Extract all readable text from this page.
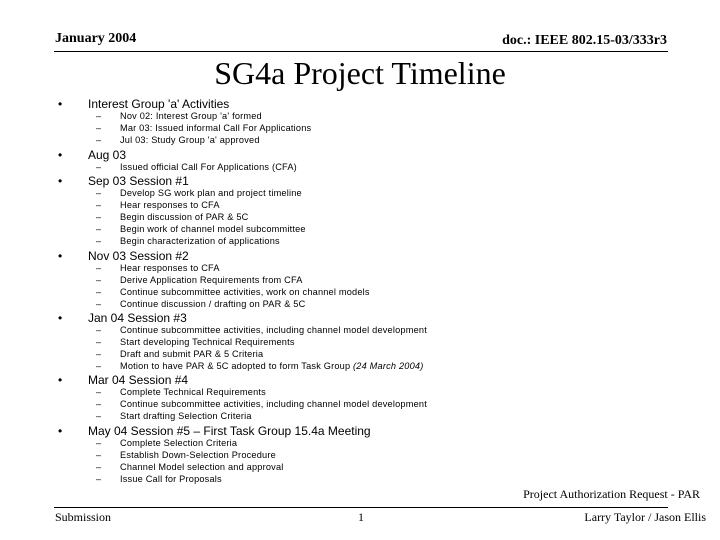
January 2004	doc.: IEEE 802.15-03/333r3
SG4a Project Timeline
• Interest Group 'a' Activities
– Nov 02: Interest Group 'a' formed
– Mar 03: Issued informal Call For Applications
– Jul 03: Study Group 'a' approved
• Aug 03
– Issued official Call For Applications (CFA)
• Sep 03 Session #1
– Develop SG work plan and project timeline
– Hear responses to CFA
– Begin discussion of PAR & 5C
– Begin work of channel model subcommittee
– Begin characterization of applications
• Nov 03 Session #2
– Hear responses to CFA
– Derive Application Requirements from CFA
– Continue subcommittee activities, work on channel models
– Continue discussion / drafting on PAR & 5C
• Jan 04 Session #3
– Continue subcommittee activities, including channel model development
– Start developing Technical Requirements
– Draft and submit PAR & 5 Criteria
– Motion to have PAR & 5C adopted to form Task Group (24 March 2004)
• Mar 04 Session #4
– Complete Technical Requirements
– Continue subcommittee activities, including channel model development
– Start drafting Selection Criteria
• May 04 Session #5 – First Task Group 15.4a Meeting
– Complete Selection Criteria
– Establish Down-Selection Procedure
– Channel Model selection and approval
– Issue Call for Proposals
Project Authorization Request - PAR
Submission	1	Larry Taylor / Jason Ellis
